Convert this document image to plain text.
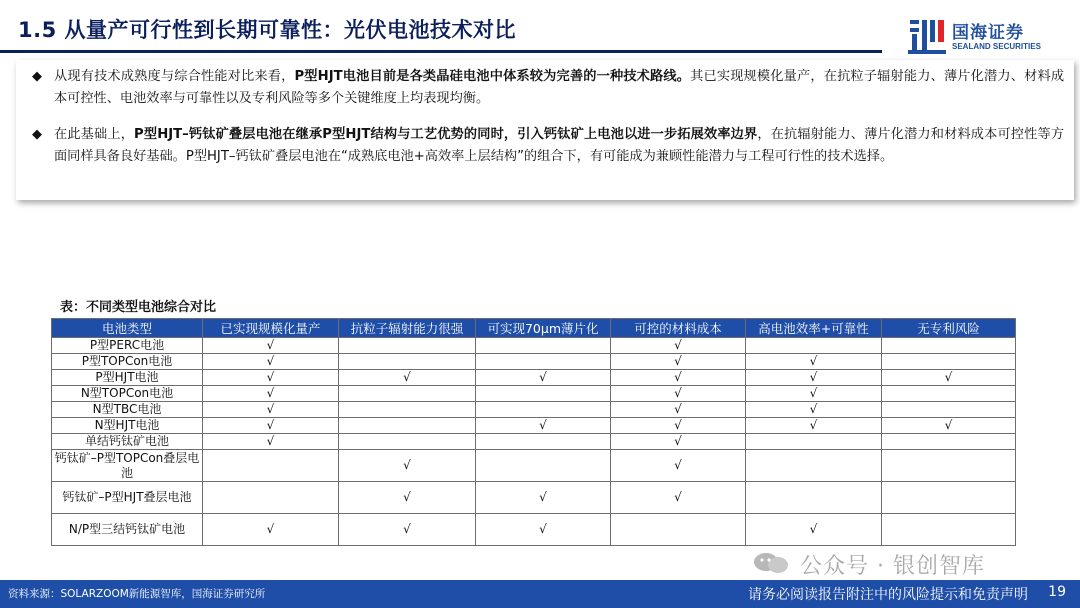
1.5 从量产可行性到长期可靠性：光伏电池技术对比	国海证券
SEALAND SECURITIES
◆ 从现有技术成熟度与综合性能对比来看，P型HJT电池目前是各类晶硅电池中体系较为完善的一种技术路线。其已实现规模化量产，在抗粒子辐射能力、薄片化潜力、材料成本可控性、电池效率与可靠性以及专利风险等多个关键维度上均表现均衡。
◆ 在此基础上，P型HJT–钙钛矿叠层电池在继承P型HJT结构与工艺优势的同时，引入钙钛矿上电池以进一步拓展效率边界，在抗辐射能力、薄片化潜力和材料成本可控性等方面同样具备良好基础。P型HJT–钙钛矿叠层电池在“成熟底电池+高效率上层结构”的组合下，有可能成为兼顾性能潜力与工程可行性的技术选择。
表：不同类型电池综合对比
电池类型	已实现规模化量产	抗粒子辐射能力很强	可实现70μm薄片化	可控的材料成本	高电池效率+可靠性	无专利风险
P型PERC电池	√			√		
P型TOPCon电池	√			√	√	
P型HJT电池	√	√	√	√	√	√
N型TOPCon电池	√			√	√	
N型TBC电池	√			√	√	
N型HJT电池	√		√	√	√	√
单结钙钛矿电池	√			√		
钙钛矿–P型TOPCon叠层电池		√		√		
钙钛矿–P型HJT叠层电池		√	√	√		
N/P型三结钙钛矿电池	√	√	√		√	
公众号 · 银创智库
资料来源：SOLARZOOM新能源智库，国海证券研究所	请务必阅读报告附注中的风险提示和免责声明 19
